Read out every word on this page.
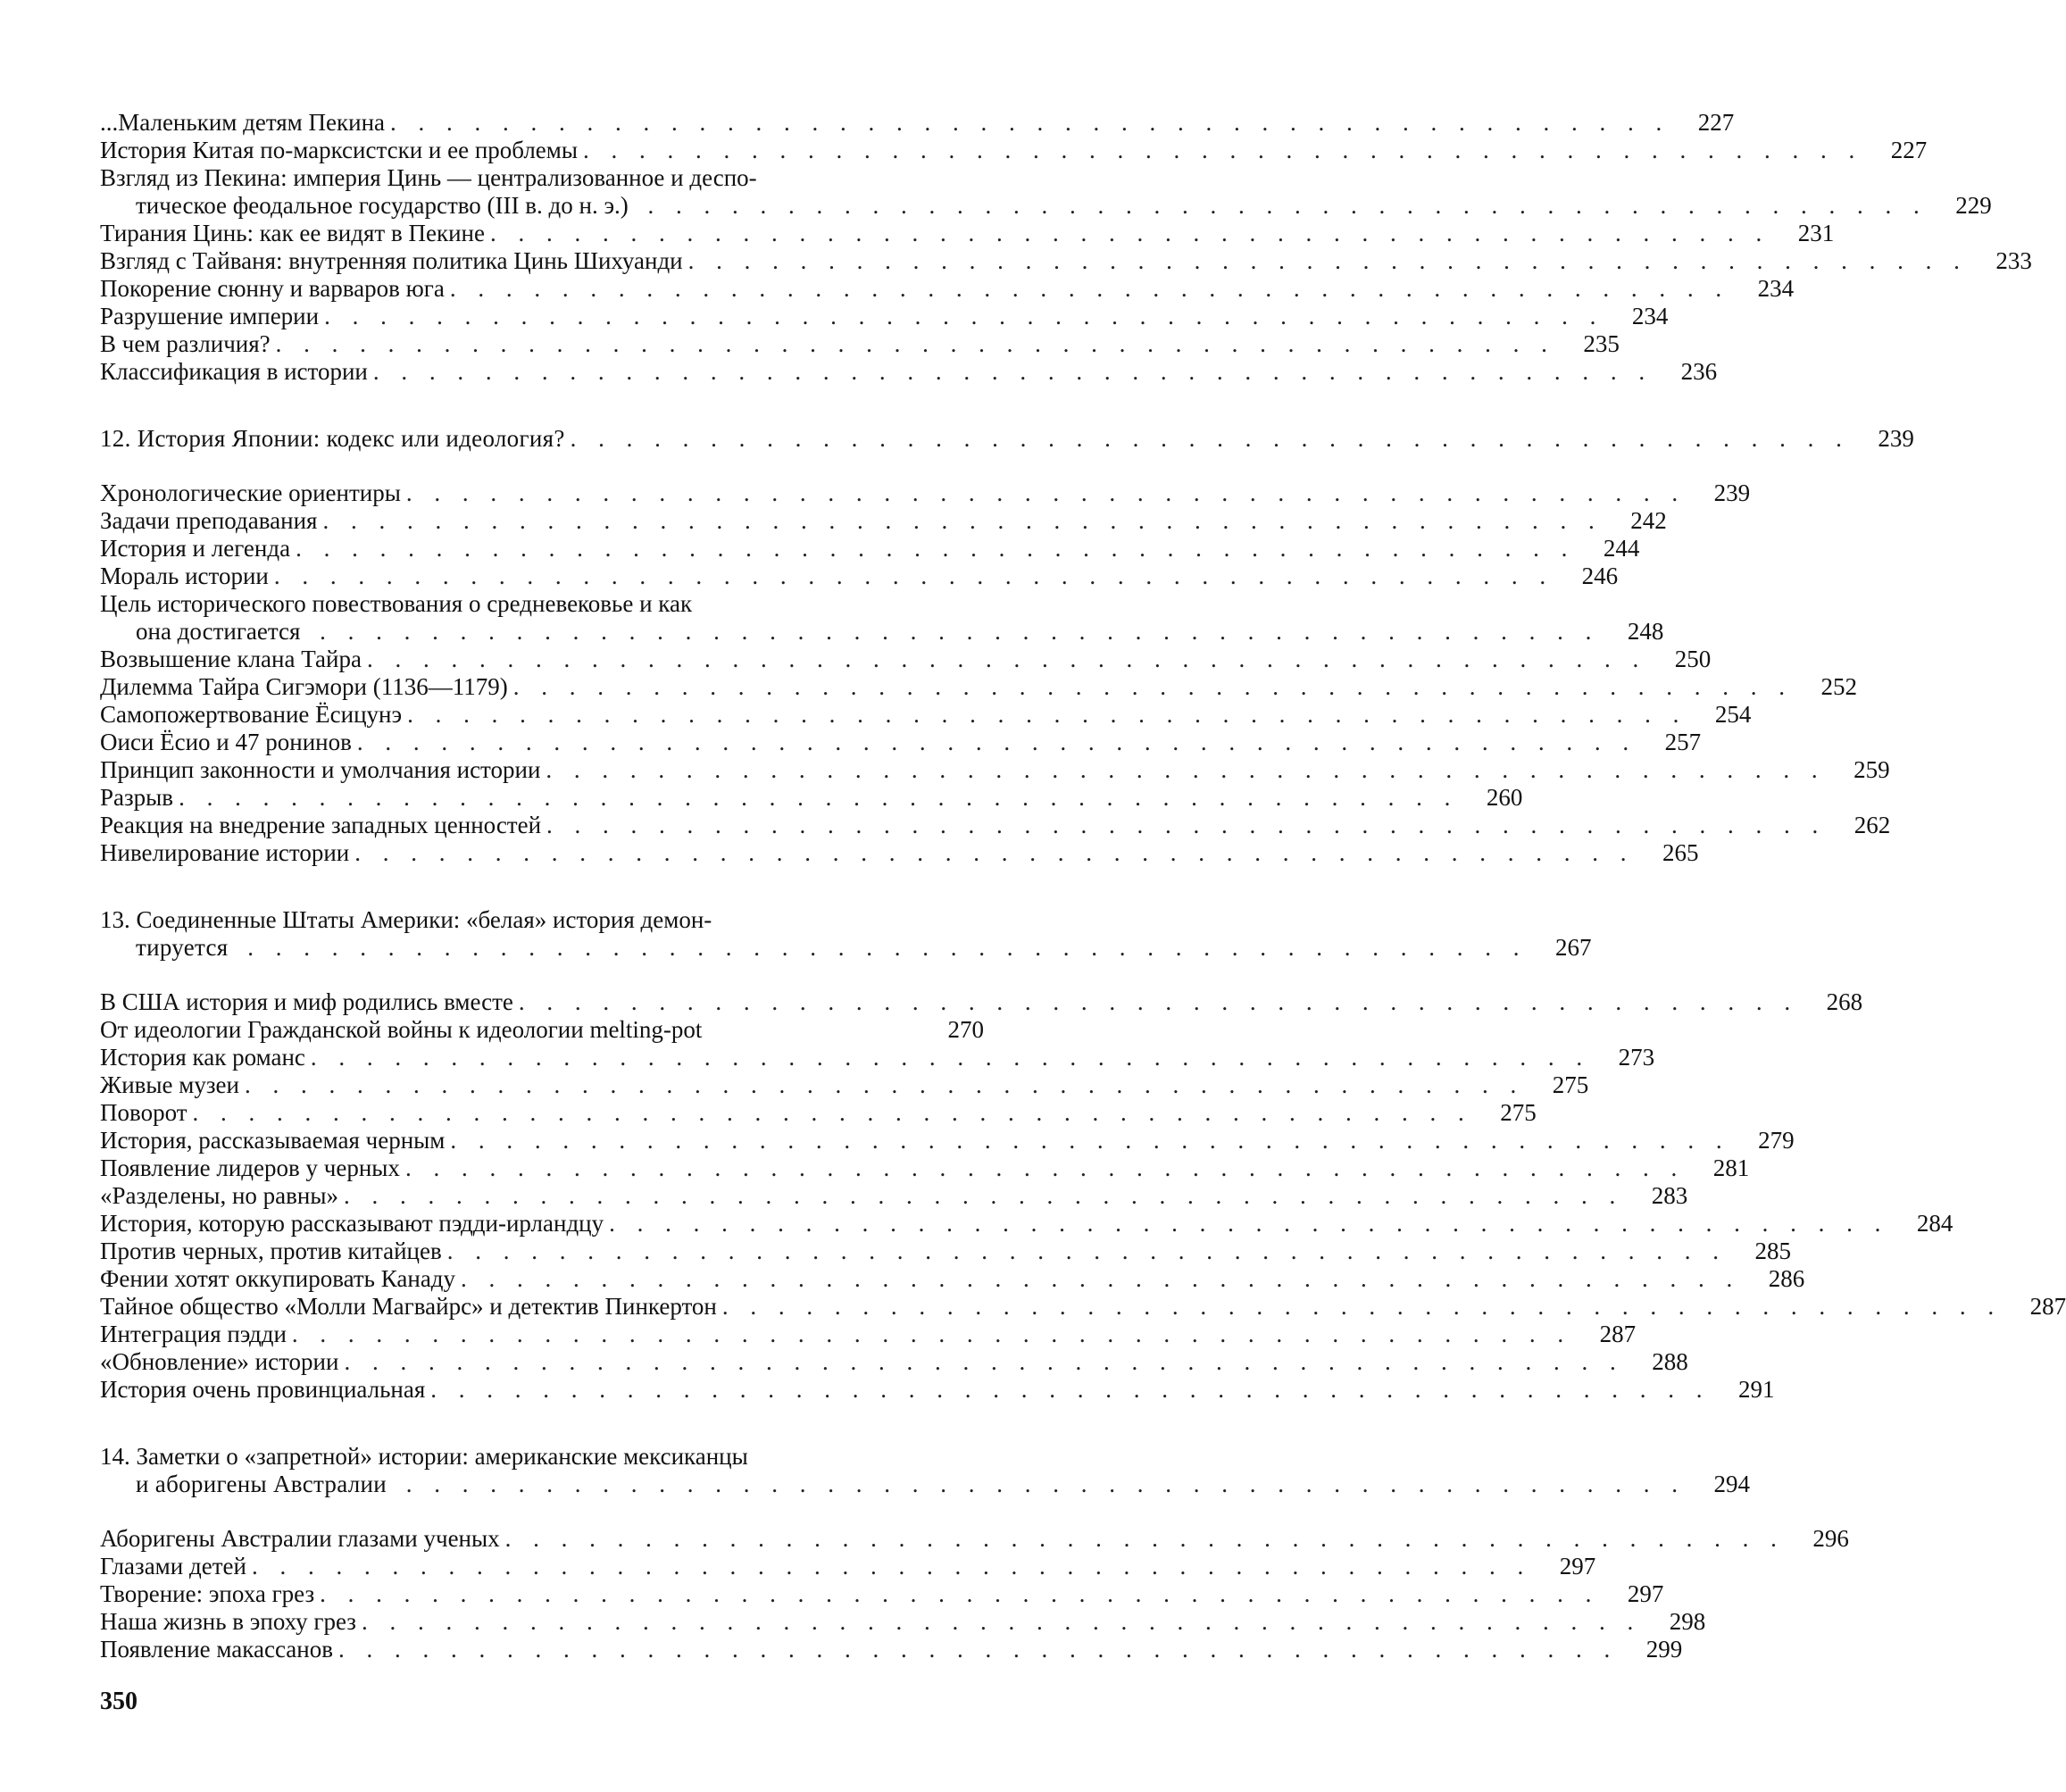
...Маленьким детям Пекина . . . . . . . . . . . . . . . . . . . . . . . . . . . . . . . . . . . . . . . . . . . . . .	227
История Китая по-марксистски и ее проблемы . . . . . . . . . . . . . . . . . . . . . . . . . . . . . . . . . . . . . . . . . . . . . .	227
Взгляд из Пекина: империя Цинь — централизованное и деспо-
тическое феодальное государство (III в. до н. э.) . . . . . . . . . . . . . . . . . . . . . . . . . . . . . . . . . . . . . . . . . . . . . .	229
Тирания Цинь: как ее видят в Пекине . . . . . . . . . . . . . . . . . . . . . . . . . . . . . . . . . . . . . . . . . . . . . .	231
Взгляд с Тайваня: внутренняя политика Цинь Шихуанди . . . . . . . . . . . . . . . . . . . . . . . . . . . . . . . . . . . . . . . . . . . . . .	233
Покорение сюнну и варваров юга . . . . . . . . . . . . . . . . . . . . . . . . . . . . . . . . . . . . . . . . . . . . . .	234
Разрушение империи . . . . . . . . . . . . . . . . . . . . . . . . . . . . . . . . . . . . . . . . . . . . . .	234
В чем различия? . . . . . . . . . . . . . . . . . . . . . . . . . . . . . . . . . . . . . . . . . . . . . .	235
Классификация в истории . . . . . . . . . . . . . . . . . . . . . . . . . . . . . . . . . . . . . . . . . . . . . .	236
12. История Японии: кодекс или идеология? . . . . . . . . . . . . . . . . . . . . . . . . . . . . . . . . . . . . . . . . . . . . . .	239
Хронологические ориентиры . . . . . . . . . . . . . . . . . . . . . . . . . . . . . . . . . . . . . . . . . . . . . .	239
Задачи преподавания . . . . . . . . . . . . . . . . . . . . . . . . . . . . . . . . . . . . . . . . . . . . . .	242
История и легенда . . . . . . . . . . . . . . . . . . . . . . . . . . . . . . . . . . . . . . . . . . . . . .	244
Мораль истории . . . . . . . . . . . . . . . . . . . . . . . . . . . . . . . . . . . . . . . . . . . . . .	246
Цель исторического повествования о средневековье и как
она достигается . . . . . . . . . . . . . . . . . . . . . . . . . . . . . . . . . . . . . . . . . . . . . .	248
Возвышение клана Тайра . . . . . . . . . . . . . . . . . . . . . . . . . . . . . . . . . . . . . . . . . . . . . .	250
Дилемма Тайра Сигэмори (1136—1179) . . . . . . . . . . . . . . . . . . . . . . . . . . . . . . . . . . . . . . . . . . . . . .	252
Самопожертвование Ёсицунэ . . . . . . . . . . . . . . . . . . . . . . . . . . . . . . . . . . . . . . . . . . . . . .	254
Оиси Ёсио и 47 ронинов . . . . . . . . . . . . . . . . . . . . . . . . . . . . . . . . . . . . . . . . . . . . . .	257
Принцип законности и умолчания истории . . . . . . . . . . . . . . . . . . . . . . . . . . . . . . . . . . . . . . . . . . . . . .	259
Разрыв . . . . . . . . . . . . . . . . . . . . . . . . . . . . . . . . . . . . . . . . . . . . . .	260
Реакция на внедрение западных ценностей . . . . . . . . . . . . . . . . . . . . . . . . . . . . . . . . . . . . . . . . . . . . . .	262
Нивелирование истории . . . . . . . . . . . . . . . . . . . . . . . . . . . . . . . . . . . . . . . . . . . . . .	265
13. Соединенные Штаты Америки: «белая» история демон-
тируется . . . . . . . . . . . . . . . . . . . . . . . . . . . . . . . . . . . . . . . . . . . . . .	267
В США история и миф родились вместе . . . . . . . . . . . . . . . . . . . . . . . . . . . . . . . . . . . . . . . . . . . . . .	268
От идеологии Гражданской войны к идеологии melting-pot	270
История как романс . . . . . . . . . . . . . . . . . . . . . . . . . . . . . . . . . . . . . . . . . . . . . .	273
Живые музеи . . . . . . . . . . . . . . . . . . . . . . . . . . . . . . . . . . . . . . . . . . . . . .	275
Поворот . . . . . . . . . . . . . . . . . . . . . . . . . . . . . . . . . . . . . . . . . . . . . .	275
История, рассказываемая черным . . . . . . . . . . . . . . . . . . . . . . . . . . . . . . . . . . . . . . . . . . . . . .	279
Появление лидеров у черных . . . . . . . . . . . . . . . . . . . . . . . . . . . . . . . . . . . . . . . . . . . . . .	281
«Разделены, но равны» . . . . . . . . . . . . . . . . . . . . . . . . . . . . . . . . . . . . . . . . . . . . . .	283
История, которую рассказывают пэдди-ирландцу . . . . . . . . . . . . . . . . . . . . . . . . . . . . . . . . . . . . . . . . . . . . . .	284
Против черных, против китайцев . . . . . . . . . . . . . . . . . . . . . . . . . . . . . . . . . . . . . . . . . . . . . .	285
Фении хотят оккупировать Канаду . . . . . . . . . . . . . . . . . . . . . . . . . . . . . . . . . . . . . . . . . . . . . .	286
Тайное общество «Молли Магвайрс» и детектив Пинкертон . . . . . . . . . . . . . . . . . . . . . . . . . . . . . . . . . . . . . . . . . . . . . .	287
Интеграция пэдди . . . . . . . . . . . . . . . . . . . . . . . . . . . . . . . . . . . . . . . . . . . . . .	287
«Обновление» истории . . . . . . . . . . . . . . . . . . . . . . . . . . . . . . . . . . . . . . . . . . . . . .	288
История очень провинциальная . . . . . . . . . . . . . . . . . . . . . . . . . . . . . . . . . . . . . . . . . . . . . .	291
14. Заметки о «запретной» истории: американские мексиканцы
и аборигены Австралии . . . . . . . . . . . . . . . . . . . . . . . . . . . . . . . . . . . . . . . . . . . . . .	294
Аборигены Австралии глазами ученых . . . . . . . . . . . . . . . . . . . . . . . . . . . . . . . . . . . . . . . . . . . . . .	296
Глазами детей . . . . . . . . . . . . . . . . . . . . . . . . . . . . . . . . . . . . . . . . . . . . . .	297
Творение: эпоха грез . . . . . . . . . . . . . . . . . . . . . . . . . . . . . . . . . . . . . . . . . . . . . .	297
Наша жизнь в эпоху грез . . . . . . . . . . . . . . . . . . . . . . . . . . . . . . . . . . . . . . . . . . . . . .	298
Появление макассанов . . . . . . . . . . . . . . . . . . . . . . . . . . . . . . . . . . . . . . . . . . . . . .	299
350
